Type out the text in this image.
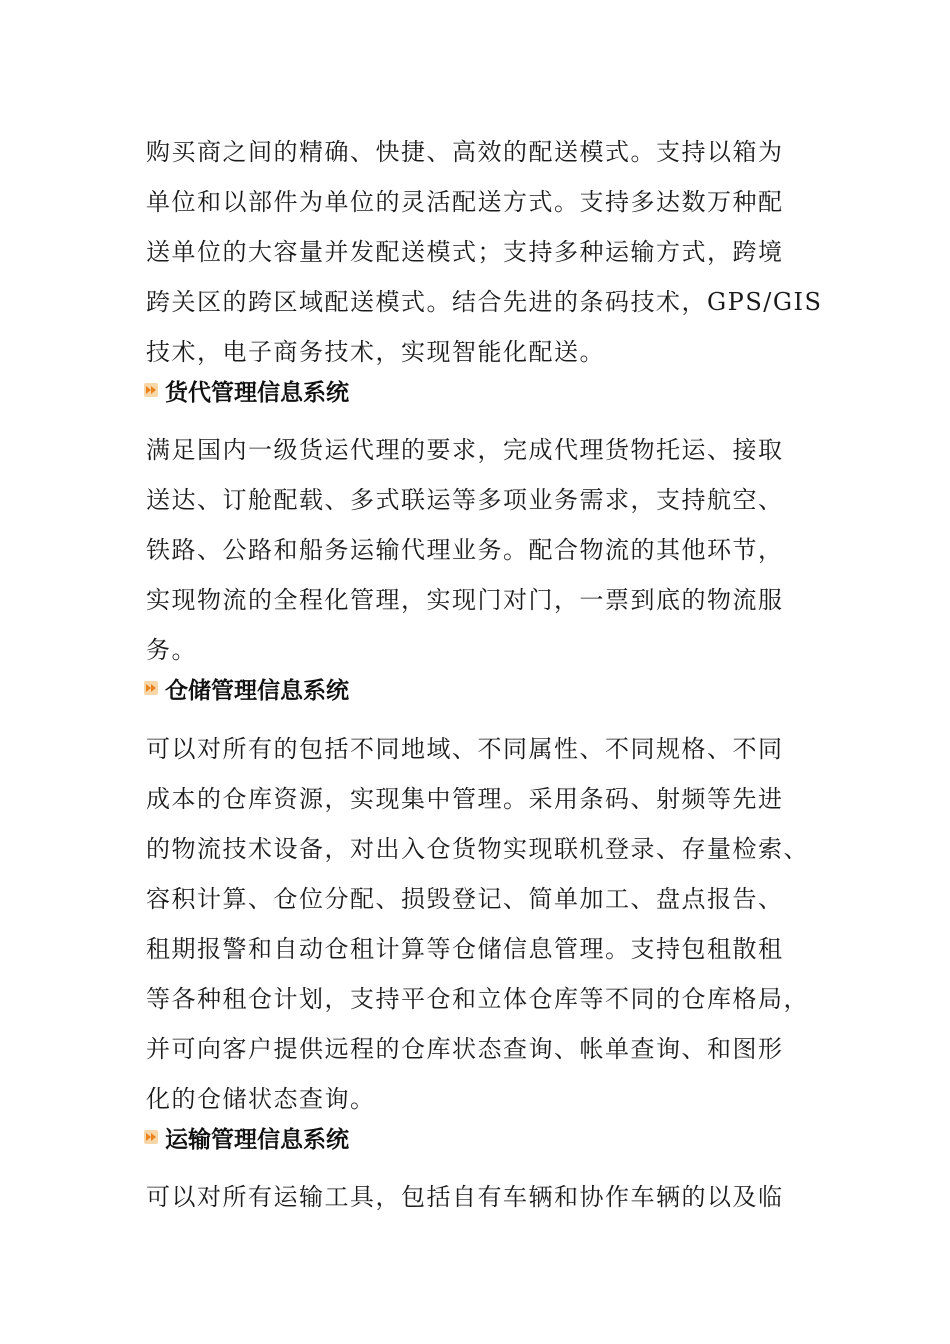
购买商之间的精确、快捷、高效的配送模式。支持以箱为
单位和以部件为单位的灵活配送方式。支持多达数万种配
送单位的大容量并发配送模式；支持多种运输方式，跨境
跨关区的跨区域配送模式。结合先进的条码技术，GPS/GIS
技术，电子商务技术，实现智能化配送。
货代管理信息系统
满足国内一级货运代理的要求，完成代理货物托运、接取
送达、订舱配载、多式联运等多项业务需求，支持航空、
铁路、公路和船务运输代理业务。配合物流的其他环节，
实现物流的全程化管理，实现门对门，一票到底的物流服
务。
仓储管理信息系统
可以对所有的包括不同地域、不同属性、不同规格、不同
成本的仓库资源，实现集中管理。采用条码、射频等先进
的物流技术设备，对出入仓货物实现联机登录、存量检索、
容积计算、仓位分配、损毁登记、简单加工、盘点报告、
租期报警和自动仓租计算等仓储信息管理。支持包租散租
等各种租仓计划，支持平仓和立体仓库等不同的仓库格局，
并可向客户提供远程的仓库状态查询、帐单查询、和图形
化的仓储状态查询。
运输管理信息系统
可以对所有运输工具，包括自有车辆和协作车辆的以及临
